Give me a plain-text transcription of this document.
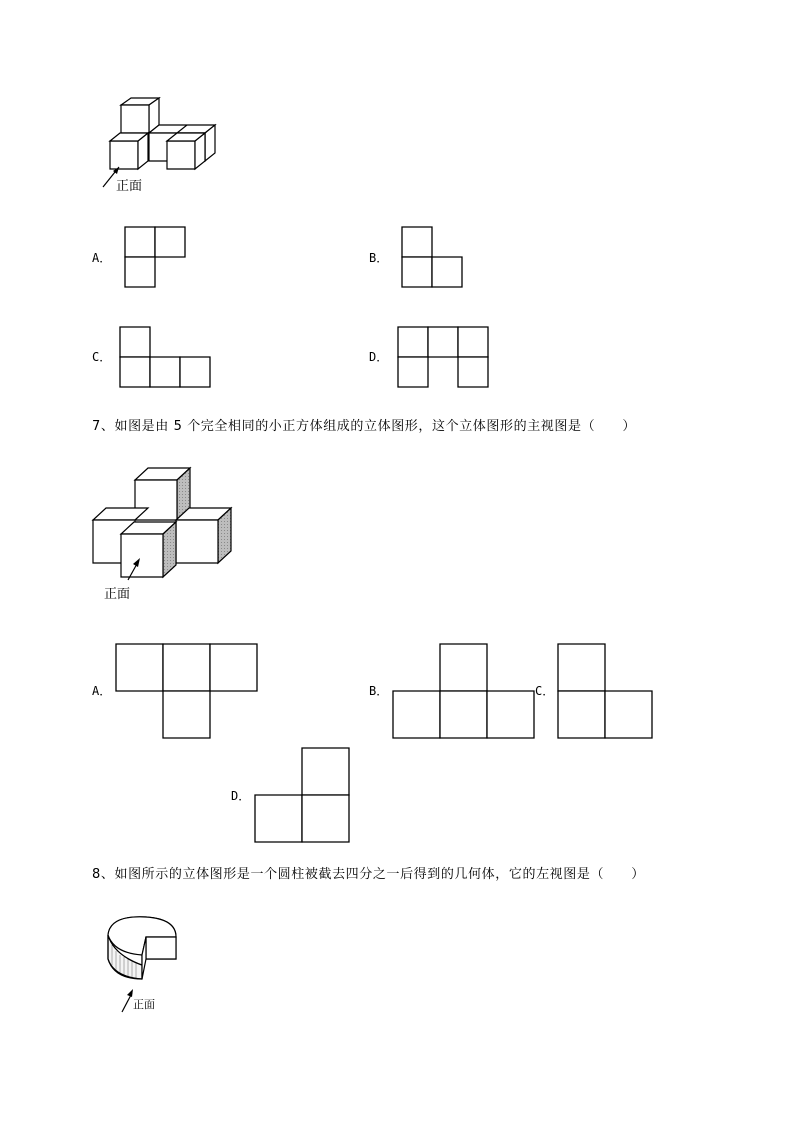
正面
A．	B．
C．	D．
7、如图是由 5 个完全相同的小正方体组成的立体图形，这个立体图形的主视图是（　　）
正面
A．	B．	C．
D．
8、如图所示的立体图形是一个圆柱被截去四分之一后得到的几何体，它的左视图是（　　）
正面
